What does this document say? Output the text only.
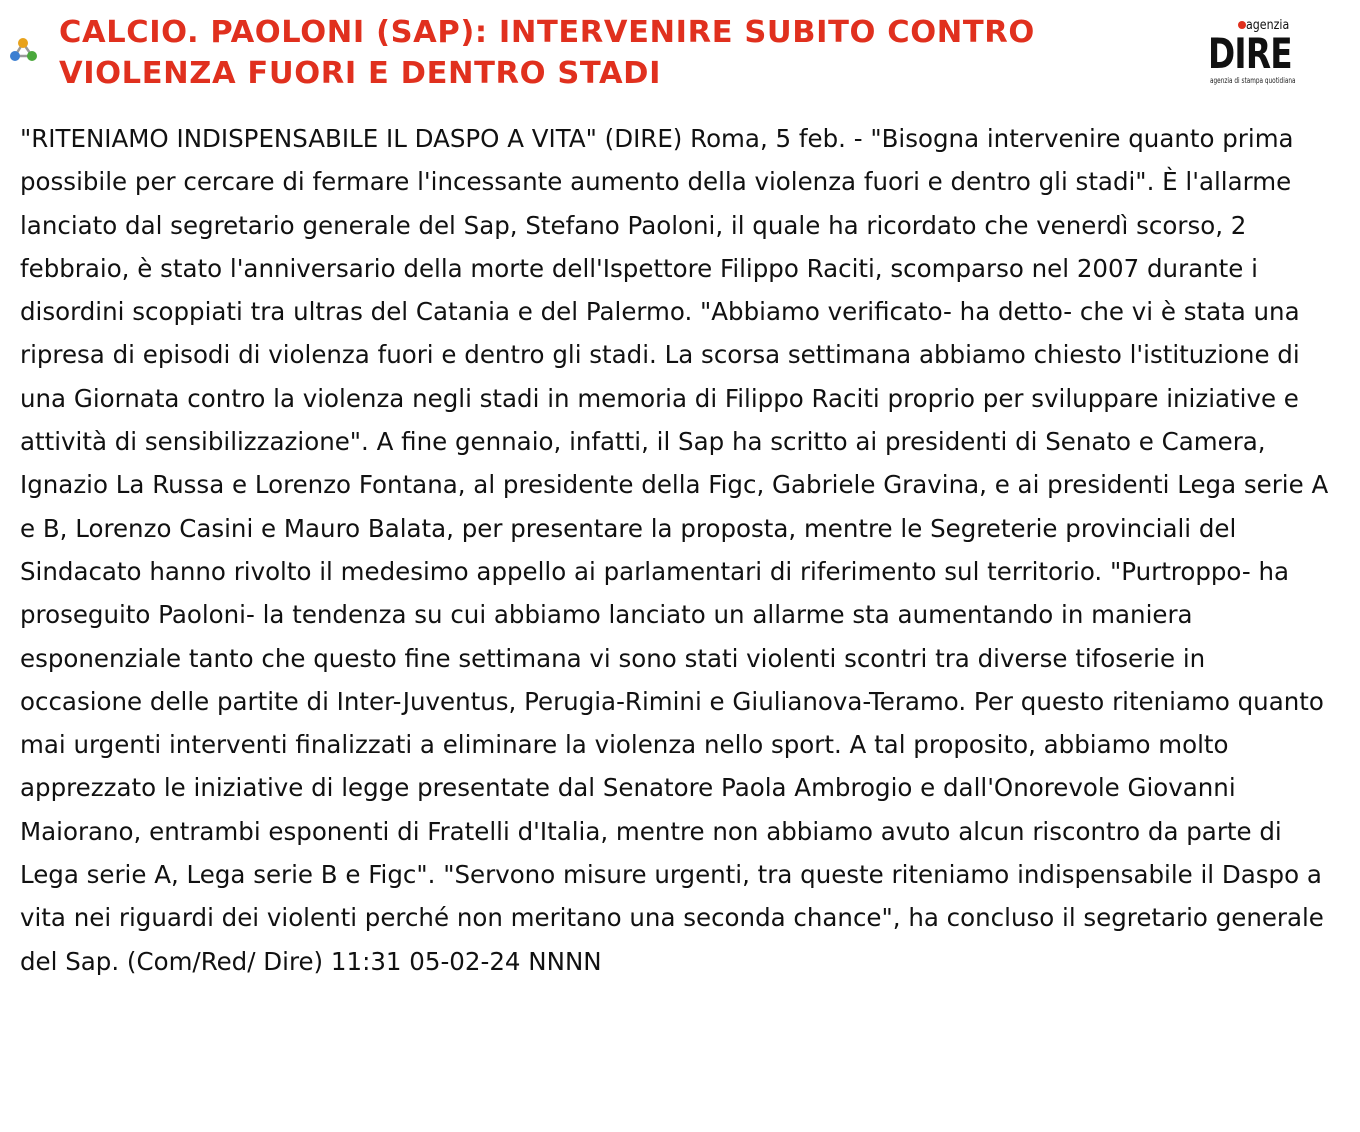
CALCIO. PAOLONI (SAP): INTERVENIRE SUBITO CONTRO VIOLENZA FUORI E DENTRO STADI
agenzia
DIRE
agenzia di stampa quotidiana

"RITENIAMO INDISPENSABILE IL DASPO A VITA" (DIRE) Roma, 5 feb. - "Bisogna intervenire quanto prima possibile per cercare di fermare l'incessante aumento della violenza fuori e dentro gli stadi". È l'allarme lanciato dal segretario generale del Sap, Stefano Paoloni, il quale ha ricordato che venerdì scorso, 2 febbraio, è stato l'anniversario della morte dell'Ispettore Filippo Raciti, scomparso nel 2007 durante i disordini scoppiati tra ultras del Catania e del Palermo. "Abbiamo verificato- ha detto- che vi è stata una ripresa di episodi di violenza fuori e dentro gli stadi. La scorsa settimana abbiamo chiesto l'istituzione di una Giornata contro la violenza negli stadi in memoria di Filippo Raciti proprio per sviluppare iniziative e attività di sensibilizzazione". A fine gennaio, infatti, il Sap ha scritto ai presidenti di Senato e Camera, Ignazio La Russa e Lorenzo Fontana, al presidente della Figc, Gabriele Gravina, e ai presidenti Lega serie A e B, Lorenzo Casini e Mauro Balata, per presentare la proposta, mentre le Segreterie provinciali del Sindacato hanno rivolto il medesimo appello ai parlamentari di riferimento sul territorio. "Purtroppo- ha proseguito Paoloni- la tendenza su cui abbiamo lanciato un allarme sta aumentando in maniera esponenziale tanto che questo fine settimana vi sono stati violenti scontri tra diverse tifoserie in occasione delle partite di Inter-Juventus, Perugia-Rimini e Giulianova-Teramo. Per questo riteniamo quanto mai urgenti interventi finalizzati a eliminare la violenza nello sport. A tal proposito, abbiamo molto apprezzato le iniziative di legge presentate dal Senatore Paola Ambrogio e dall'Onorevole Giovanni Maiorano, entrambi esponenti di Fratelli d'Italia, mentre non abbiamo avuto alcun riscontro da parte di Lega serie A, Lega serie B e Figc". "Servono misure urgenti, tra queste riteniamo indispensabile il Daspo a vita nei riguardi dei violenti perché non meritano una seconda chance", ha concluso il segretario generale del Sap. (Com/Red/ Dire) 11:31 05-02-24 NNNN
